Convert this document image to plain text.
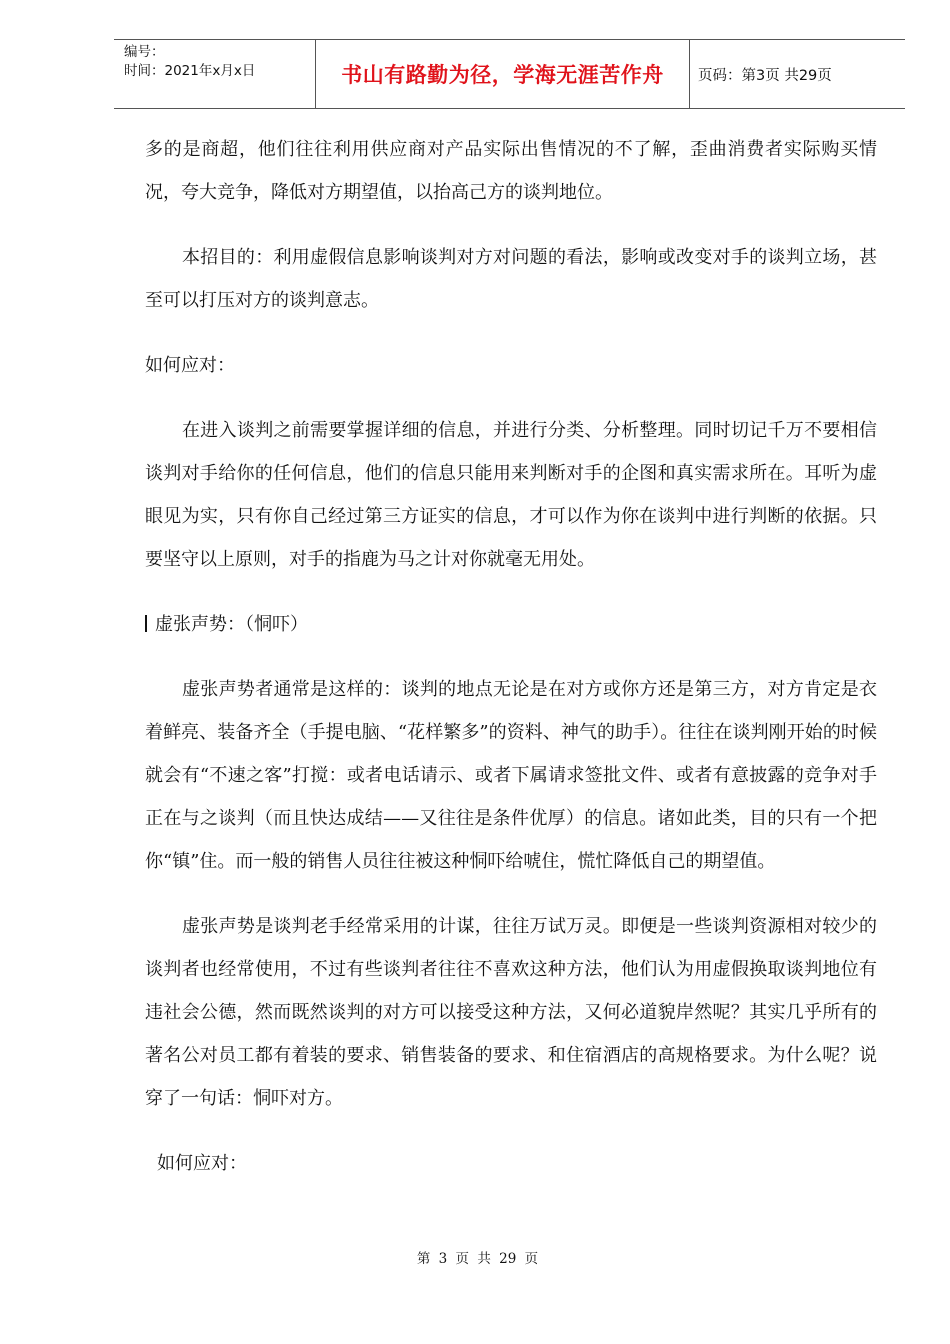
编号：
时间：2021年x月x日	书山有路勤为径，学海无涯苦作舟	页码：第3页 共29页

多的是商超，他们往往利用供应商对产品实际出售情况的不了解，歪曲消费者实际购买情况，夸大竞争，降低对方期望值，以抬高己方的谈判地位。

本招目的：利用虚假信息影响谈判对方对问题的看法，影响或改变对手的谈判立场，甚至可以打压对方的谈判意志。

如何应对：

在进入谈判之前需要掌握详细的信息，并进行分类、分析整理。同时切记千万不要相信谈判对手给你的任何信息，他们的信息只能用来判断对手的企图和真实需求所在。耳听为虚眼见为实，只有你自己经过第三方证实的信息，才可以作为你在谈判中进行判断的依据。只要坚守以上原则，对手的指鹿为马之计对你就毫无用处。

虚张声势：（恫吓）

虚张声势者通常是这样的：谈判的地点无论是在对方或你方还是第三方，对方肯定是衣着鲜亮、装备齐全（手提电脑、“花样繁多”的资料、神气的助手）。往往在谈判刚开始的时候就会有“不速之客”打搅：或者电话请示、或者下属请求签批文件、或者有意披露的竞争对手正在与之谈判（而且快达成结——又往往是条件优厚）的信息。诸如此类，目的只有一个把你“镇”住。而一般的销售人员往往被这种恫吓给唬住，慌忙降低自己的期望值。

虚张声势是谈判老手经常采用的计谋，往往万试万灵。即便是一些谈判资源相对较少的谈判者也经常使用，不过有些谈判者往往不喜欢这种方法，他们认为用虚假换取谈判地位有违社会公德，然而既然谈判的对方可以接受这种方法，又何必道貌岸然呢？其实几乎所有的著名公对员工都有着装的要求、销售装备的要求、和住宿酒店的高规格要求。为什么呢？说穿了一句话：恫吓对方。

如何应对：

第 3 页 共 29 页
